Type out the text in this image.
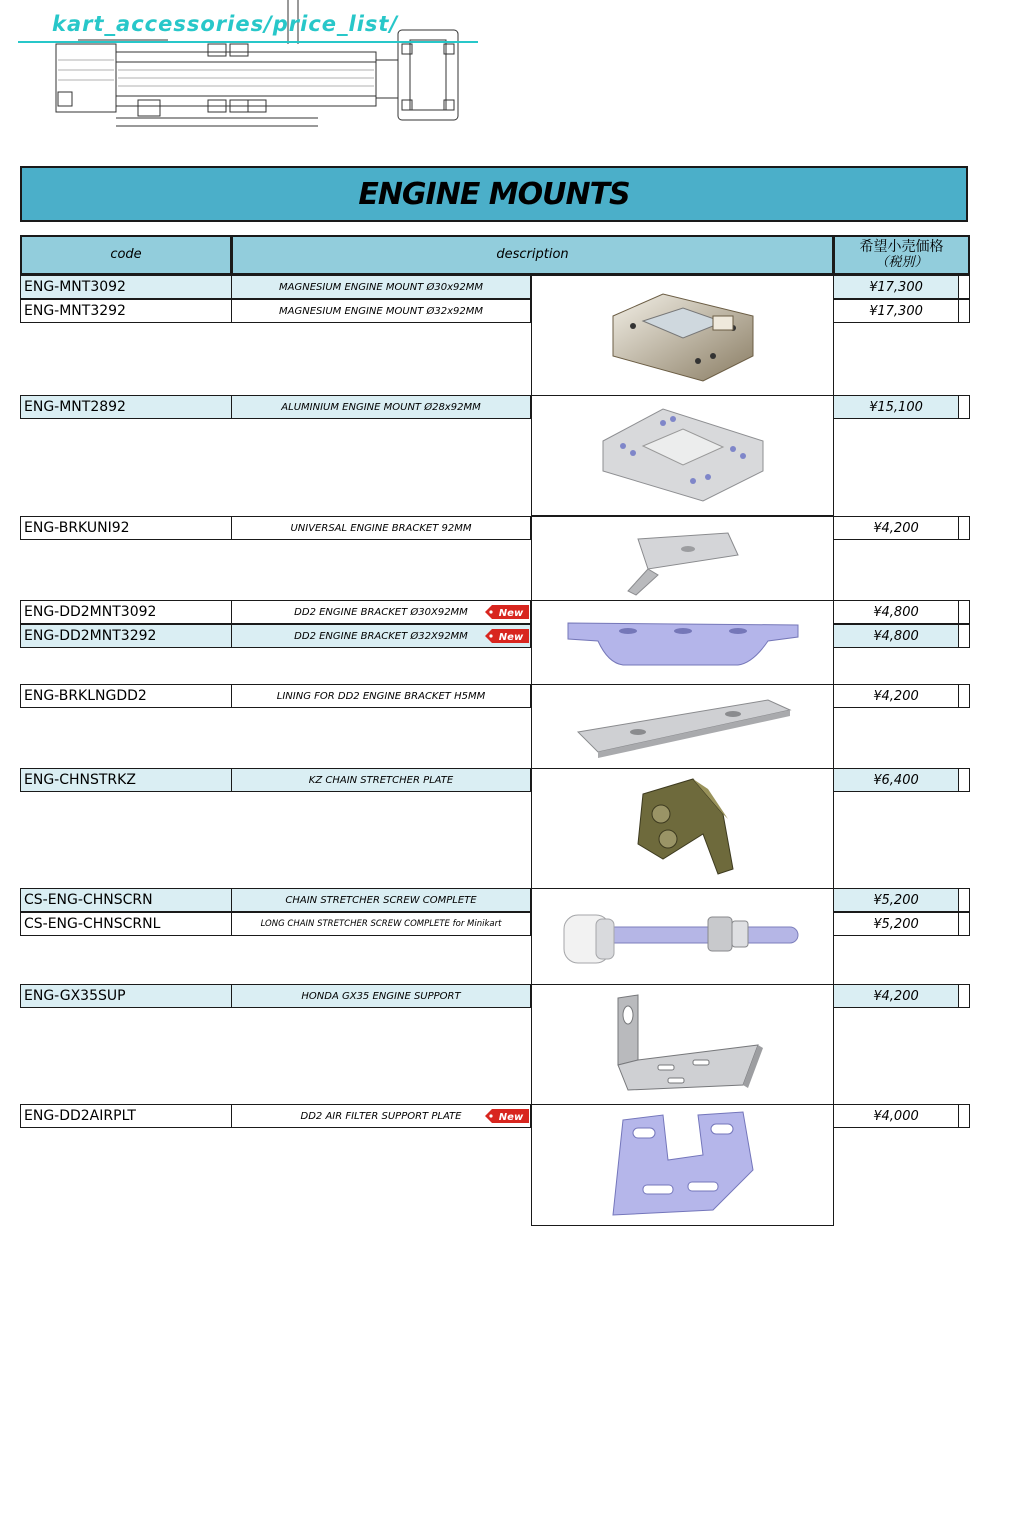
kart_accessories/price_list/
ENGINE MOUNTS
code	description	希望小売価格
（税別）
ENG-MNT3092	MAGNESIUM ENGINE MOUNT Ø30x92MM	¥17,300
ENG-MNT3292	MAGNESIUM ENGINE MOUNT Ø32x92MM	¥17,300
ENG-MNT2892	ALUMINIUM ENGINE MOUNT Ø28x92MM	¥15,100
ENG-BRKUNI92	UNIVERSAL ENGINE BRACKET 92MM	¥4,200
ENG-DD2MNT3092	DD2 ENGINE BRACKET Ø30X92MM	¥4,800
ENG-DD2MNT3292	DD2 ENGINE BRACKET Ø32X92MM	¥4,800
ENG-BRKLNGDD2	LINING FOR DD2 ENGINE BRACKET H5MM	¥4,200
ENG-CHNSTRKZ	KZ CHAIN STRETCHER PLATE	¥6,400
CS-ENG-CHNSCRN	CHAIN STRETCHER SCREW COMPLETE	¥5,200
CS-ENG-CHNSCRNL	LONG CHAIN STRETCHER SCREW COMPLETE for Minikart	¥5,200
ENG-GX35SUP	HONDA GX35 ENGINE SUPPORT	¥4,200
ENG-DD2AIRPLT	DD2 AIR FILTER SUPPORT PLATE	¥4,000
New
New
New
